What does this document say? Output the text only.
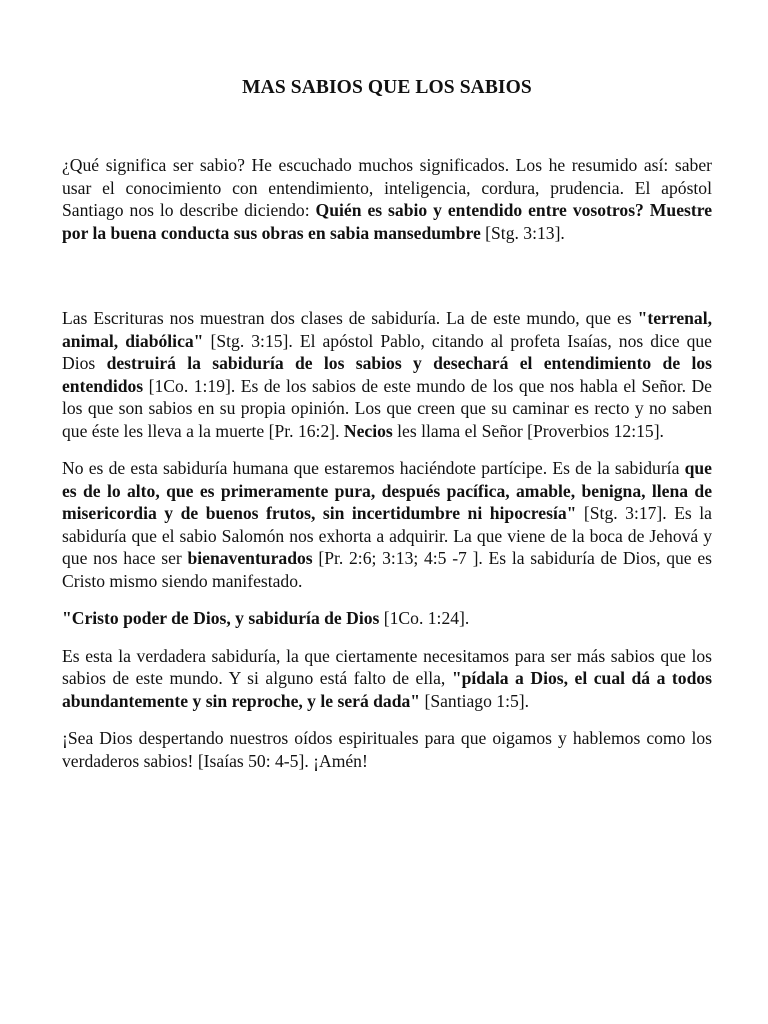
MAS SABIOS QUE LOS SABIOS

¿Qué significa ser sabio? He escuchado muchos significados. Los he resumido así: saber usar el conocimiento con entendimiento, inteligencia, cordura, prudencia. El apóstol Santiago nos lo describe diciendo: Quién es sabio y entendido entre vosotros? Muestre por la buena conducta sus obras en sabia mansedumbre [Stg. 3:13].

Las Escrituras nos muestran dos clases de sabiduría. La de este mundo, que es "terrenal, animal, diabólica" [Stg. 3:15]. El apóstol Pablo, citando al profeta Isaías, nos dice que Dios destruirá la sabiduría de los sabios y desechará el entendimiento de los entendidos [1Co. 1:19]. Es de los sabios de este mundo de los que nos habla el Señor. De los que son sabios en su propia opinión. Los que creen que su caminar es recto y no saben que éste les lleva a la muerte [Pr. 16:2]. Necios les llama el Señor [Proverbios 12:15].

No es de esta sabiduría humana que estaremos haciéndote partícipe. Es de la sabiduría que es de lo alto, que es primeramente pura, después pacífica, amable, benigna, llena de misericordia y de buenos frutos, sin incertidumbre ni hipocresía" [Stg. 3:17]. Es la sabiduría que el sabio Salomón nos exhorta a adquirir. La que viene de la boca de Jehová y que nos hace ser bienaventurados [Pr. 2:6; 3:13; 4:5 -7 ]. Es la sabiduría de Dios, que es Cristo mismo siendo manifestado.

"Cristo poder de Dios, y sabiduría de Dios [1Co. 1:24].

Es esta la verdadera sabiduría, la que ciertamente necesitamos para ser más sabios que los sabios de este mundo. Y si alguno está falto de ella, "pídala a Dios, el cual dá a todos abundantemente y sin reproche, y le será dada" [Santiago 1:5].

¡Sea Dios despertando nuestros oídos espirituales para que oigamos y hablemos como los verdaderos sabios! [Isaías 50: 4-5]. ¡Amén!
